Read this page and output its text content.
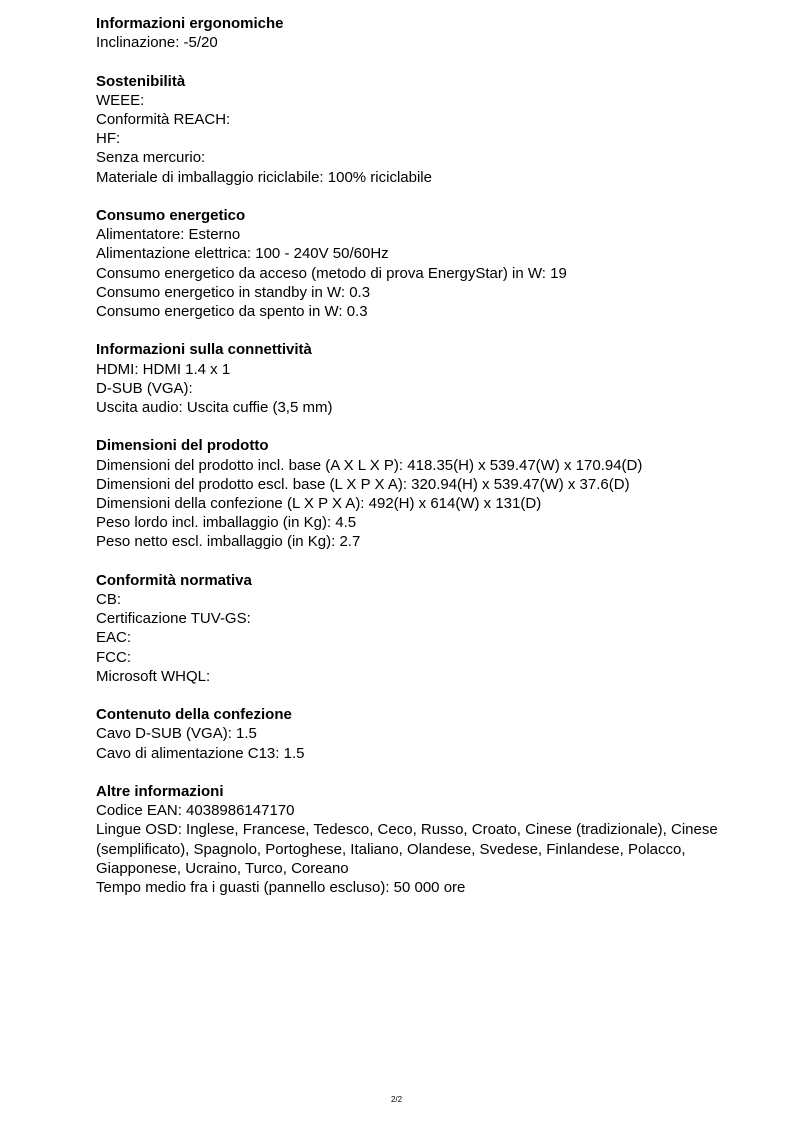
Informazioni ergonomiche

Inclinazione: -5/20

Sostenibilità

WEEE:

Conformità REACH:

HF:

Senza mercurio:

Materiale di imballaggio riciclabile: 100% riciclabile

Consumo energetico

Alimentatore: Esterno

Alimentazione elettrica: 100 - 240V 50/60Hz

Consumo energetico da acceso (metodo di prova EnergyStar) in W: 19

Consumo energetico in standby in W: 0.3

Consumo energetico da spento in W: 0.3

Informazioni sulla connettività

HDMI: HDMI 1.4 x 1

D-SUB (VGA):

Uscita audio: Uscita cuffie (3,5 mm)

Dimensioni del prodotto

Dimensioni del prodotto incl. base (A X L X P): 418.35(H) x 539.47(W) x 170.94(D)

Dimensioni del prodotto escl. base (L X P X A): 320.94(H) x 539.47(W) x 37.6(D)

Dimensioni della confezione (L X P X A): 492(H) x 614(W) x 131(D)

Peso lordo incl. imballaggio (in Kg): 4.5

Peso netto escl. imballaggio (in Kg): 2.7

Conformità normativa

CB:

Certificazione TUV-GS:

EAC:

FCC:

Microsoft WHQL:

Contenuto della confezione

Cavo D-SUB (VGA): 1.5

Cavo di alimentazione C13: 1.5

Altre informazioni

Codice EAN: 4038986147170

Lingue OSD: Inglese, Francese, Tedesco, Ceco, Russo, Croato, Cinese (tradizionale), Cinese (semplificato), Spagnolo, Portoghese, Italiano, Olandese, Svedese, Finlandese, Polacco, Giapponese, Ucraino, Turco, Coreano

Tempo medio fra i guasti (pannello escluso): 50 000 ore

2/2
